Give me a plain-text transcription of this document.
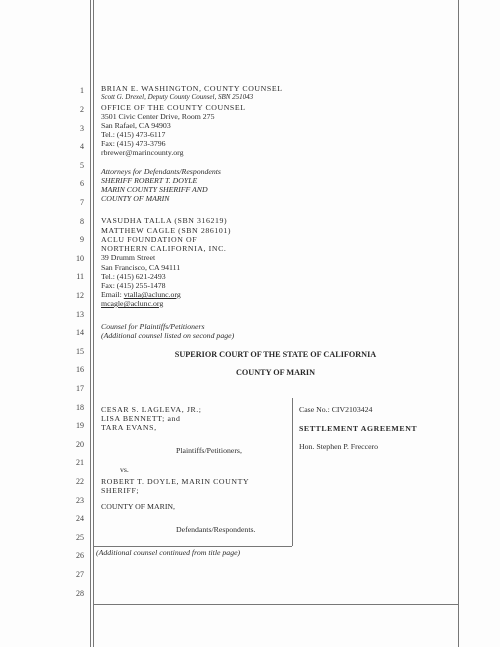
1
2
3
4
5
6
7
8
9
10
11
12
13
14
15
16
17
18
19
20
21
22
23
24
25
26
27
28
BRIAN E. WASHINGTON, COUNTY COUNSEL
Scott G. Drexel, Deputy County Counsel, SBN 251043
OFFICE OF THE COUNTY COUNSEL
3501 Civic Center Drive, Room 275
San Rafael, CA 94903
Tel.: (415) 473-6117
Fax: (415) 473-3796
rbrewer@marincounty.org
Attorneys for Defendants/Respondents
SHERIFF ROBERT T. DOYLE
MARIN COUNTY SHERIFF AND
COUNTY OF MARIN
VASUDHA TALLA (SBN 316219)
MATTHEW CAGLE (SBN 286101)
ACLU FOUNDATION OF
NORTHERN CALIFORNIA, INC.
39 Drumm Street
San Francisco, CA 94111
Tel.: (415) 621-2493
Fax: (415) 255-1478
Email: vtalla@aclunc.org
mcagle@aclunc.org
Counsel for Plaintiffs/Petitioners
(Additional counsel listed on second page)
SUPERIOR COURT OF THE STATE OF CALIFORNIA
COUNTY OF MARIN
CESAR S. LAGLEVA, JR.;
LISA BENNETT; and
TARA EVANS,
Plaintiffs/Petitioners,
vs.
ROBERT T. DOYLE, MARIN COUNTY
SHERIFF;
COUNTY OF MARIN,
Defendants/Respondents.
(Additional counsel continued from title page)
Case No.: CIV2103424
SETTLEMENT AGREEMENT
Hon. Stephen P. Freccero
